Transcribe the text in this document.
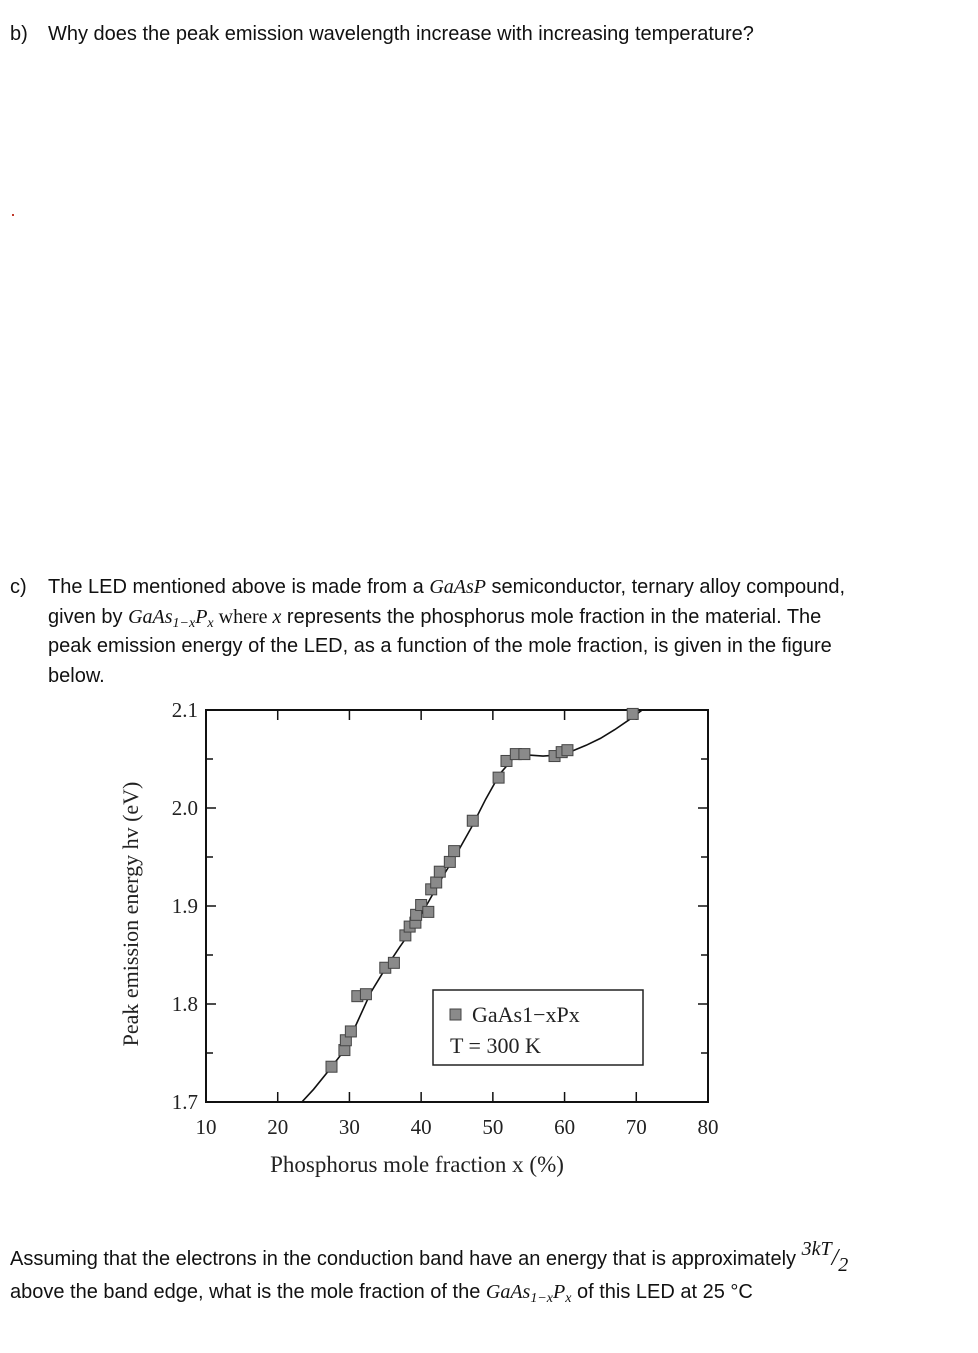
b) Why does the peak emission wavelength increase with increasing temperature?
c) The LED mentioned above is made from a GaAsP semiconductor, ternary alloy compound,
given by $GaAs_{1-x}P_x$ where x represents the phosphorus mole fraction in the material. The
peak emission energy of the LED, as a function of the mole fraction, is given in the figure
below.
1.7
1.8
1.9
2.0
2.1
10 20 30 40 50 60 70 80
GaAs1−xPx
T = 300 K
Phosphorus mole fraction x (%)
Peak emission energy hv (eV)
Assuming that the electrons in the conduction band have an energy that is approximately 3kT/2
above the band edge, what is the mole fraction of the $GaAs_{1-x}P_x$ of this LED at 25 °C
